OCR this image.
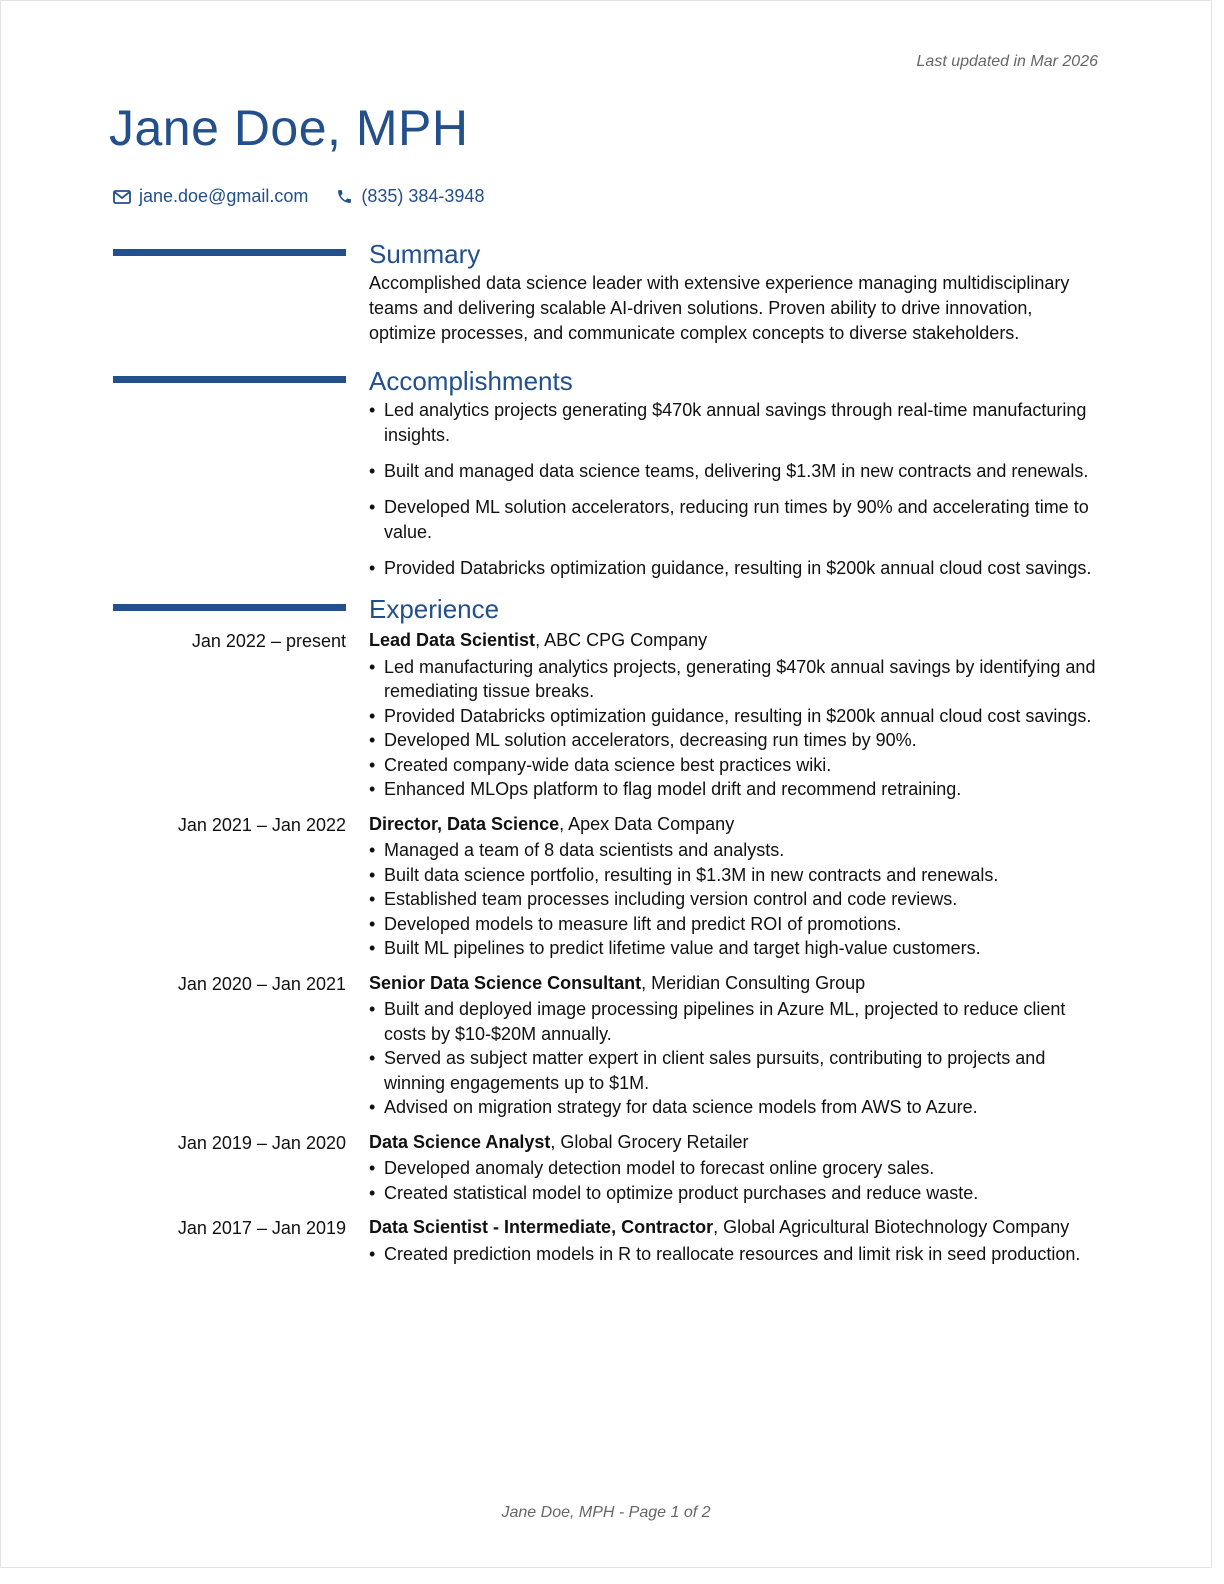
Last updated in Mar 2026
Jane Doe, MPH
jane.doe@gmail.com	(835) 384-3948
Summary

Accomplished data science leader with extensive experience managing multidisciplinary teams and delivering scalable AI-driven solutions. Proven ability to drive innovation, optimize processes, and communicate complex concepts to diverse stakeholders.

Accomplishments
• Led analytics projects generating $470k annual savings through real-time manufacturing insights.
• Built and managed data science teams, delivering $1.3M in new contracts and renewals.
• Developed ML solution accelerators, reducing run times by 90% and accelerating time to value.
• Provided Databricks optimization guidance, resulting in $200k annual cloud cost savings.
Experience
Jan 2022 – present Lead Data Scientist, ABC CPG Company
• Led manufacturing analytics projects, generating $470k annual savings by identifying and remediating tissue breaks.
• Provided Databricks optimization guidance, resulting in $200k annual cloud cost savings.
• Developed ML solution accelerators, decreasing run times by 90%.
• Created company-wide data science best practices wiki.
• Enhanced MLOps platform to flag model drift and recommend retraining.
Jan 2021 – Jan 2022 Director, Data Science, Apex Data Company
• Managed a team of 8 data scientists and analysts.
• Built data science portfolio, resulting in $1.3M in new contracts and renewals.
• Established team processes including version control and code reviews.
• Developed models to measure lift and predict ROI of promotions.
• Built ML pipelines to predict lifetime value and target high-value customers.
Jan 2020 – Jan 2021 Senior Data Science Consultant, Meridian Consulting Group
• Built and deployed image processing pipelines in Azure ML, projected to reduce client costs by $10-$20M annually.
• Served as subject matter expert in client sales pursuits, contributing to projects and winning engagements up to $1M.
• Advised on migration strategy for data science models from AWS to Azure.
Jan 2019 – Jan 2020 Data Science Analyst, Global Grocery Retailer
• Developed anomaly detection model to forecast online grocery sales.
• Created statistical model to optimize product purchases and reduce waste.
Jan 2017 – Jan 2019 Data Scientist - Intermediate, Contractor, Global Agricultural Biotechnology Company
• Created prediction models in R to reallocate resources and limit risk in seed production.
Jane Doe, MPH - Page 1 of 2
